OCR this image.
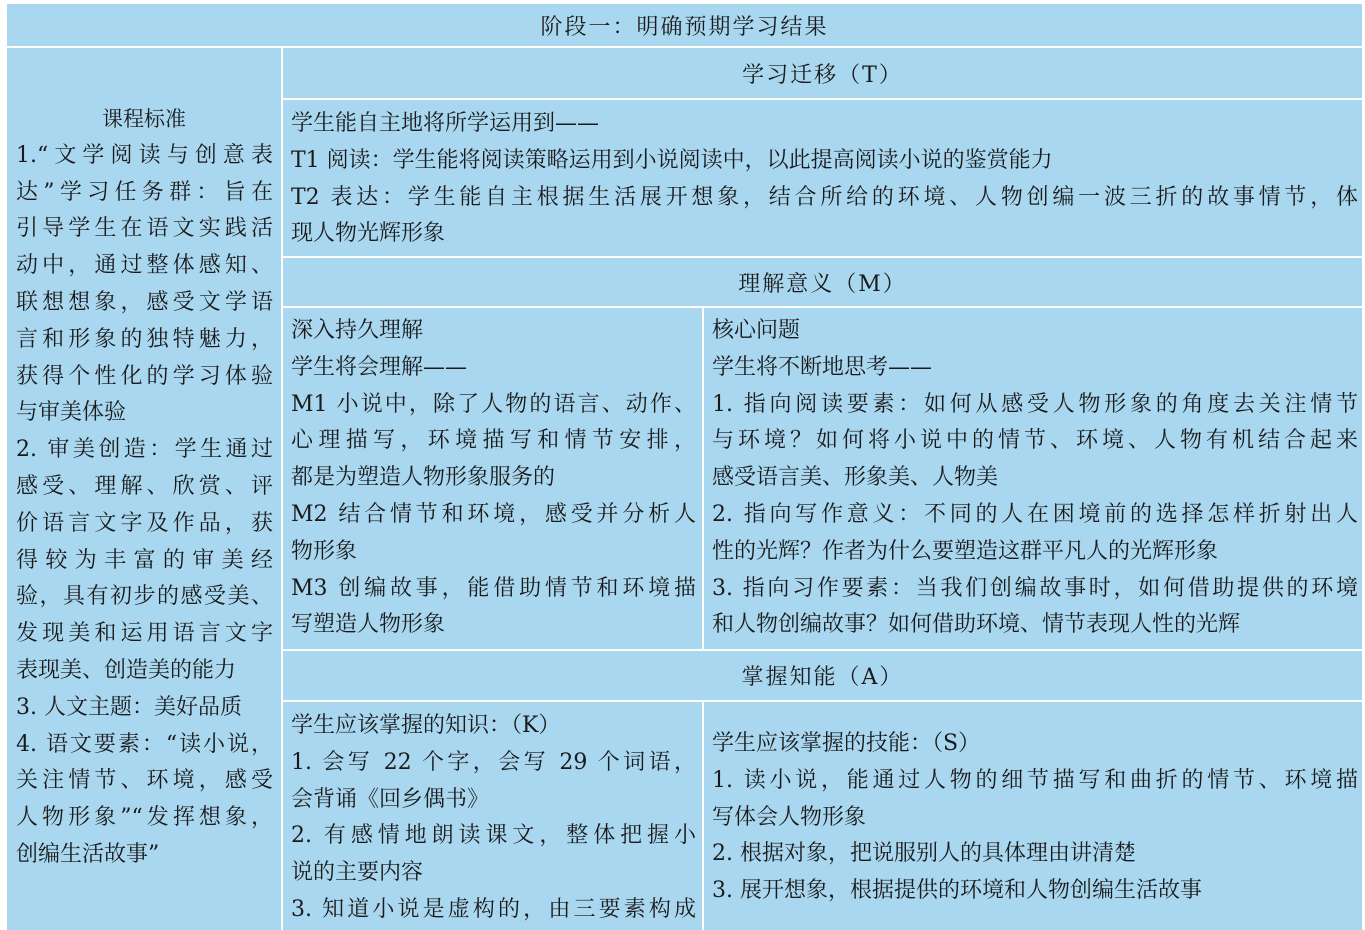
阶段一：明确预期学习结果
课程标准
1.“文学阅读与创意表
达”学习任务群：旨在
引导学生在语文实践活
动中，通过整体感知、
联想想象，感受文学语
言和形象的独特魅力，
获得个性化的学习体验
与审美体验
2. 审美创造：学生通过
感受、理解、欣赏、评
价语言文字及作品，获
得较为丰富的审美经
验，具有初步的感受美、
发现美和运用语言文字
表现美、创造美的能力
3. 人文主题：美好品质
4. 语文要素：“读小说，
关注情节、环境，感受
人物形象”“发挥想象，
创编生活故事”
学习迁移（T）
学生能自主地将所学运用到——
T1 阅读：学生能将阅读策略运用到小说阅读中，以此提高阅读小说的鉴赏能力
T2 表达：学生能自主根据生活展开想象，结合所给的环境、人物创编一波三折的故事情节，体
现人物光辉形象
理解意义（M）
深入持久理解
学生将会理解——
M1 小说中，除了人物的语言、动作、
心理描写，环境描写和情节安排，
都是为塑造人物形象服务的
M2 结合情节和环境，感受并分析人
物形象
M3 创编故事，能借助情节和环境描
写塑造人物形象
核心问题
学生将不断地思考——
1. 指向阅读要素：如何从感受人物形象的角度去关注情节
与环境？如何将小说中的情节、环境、人物有机结合起来
感受语言美、形象美、人物美
2. 指向写作意义：不同的人在困境前的选择怎样折射出人
性的光辉？作者为什么要塑造这群平凡人的光辉形象
3. 指向习作要素：当我们创编故事时，如何借助提供的环境
和人物创编故事？如何借助环境、情节表现人性的光辉
掌握知能（A）
学生应该掌握的知识：（K）
1. 会写 22 个字，会写 29 个词语，
会背诵《回乡偶书》
2. 有感情地朗读课文，整体把握小
说的主要内容
3. 知道小说是虚构的，由三要素构成
学生应该掌握的技能：（S）
1. 读小说，能通过人物的细节描写和曲折的情节、环境描
写体会人物形象
2. 根据对象，把说服别人的具体理由讲清楚
3. 展开想象，根据提供的环境和人物创编生活故事
